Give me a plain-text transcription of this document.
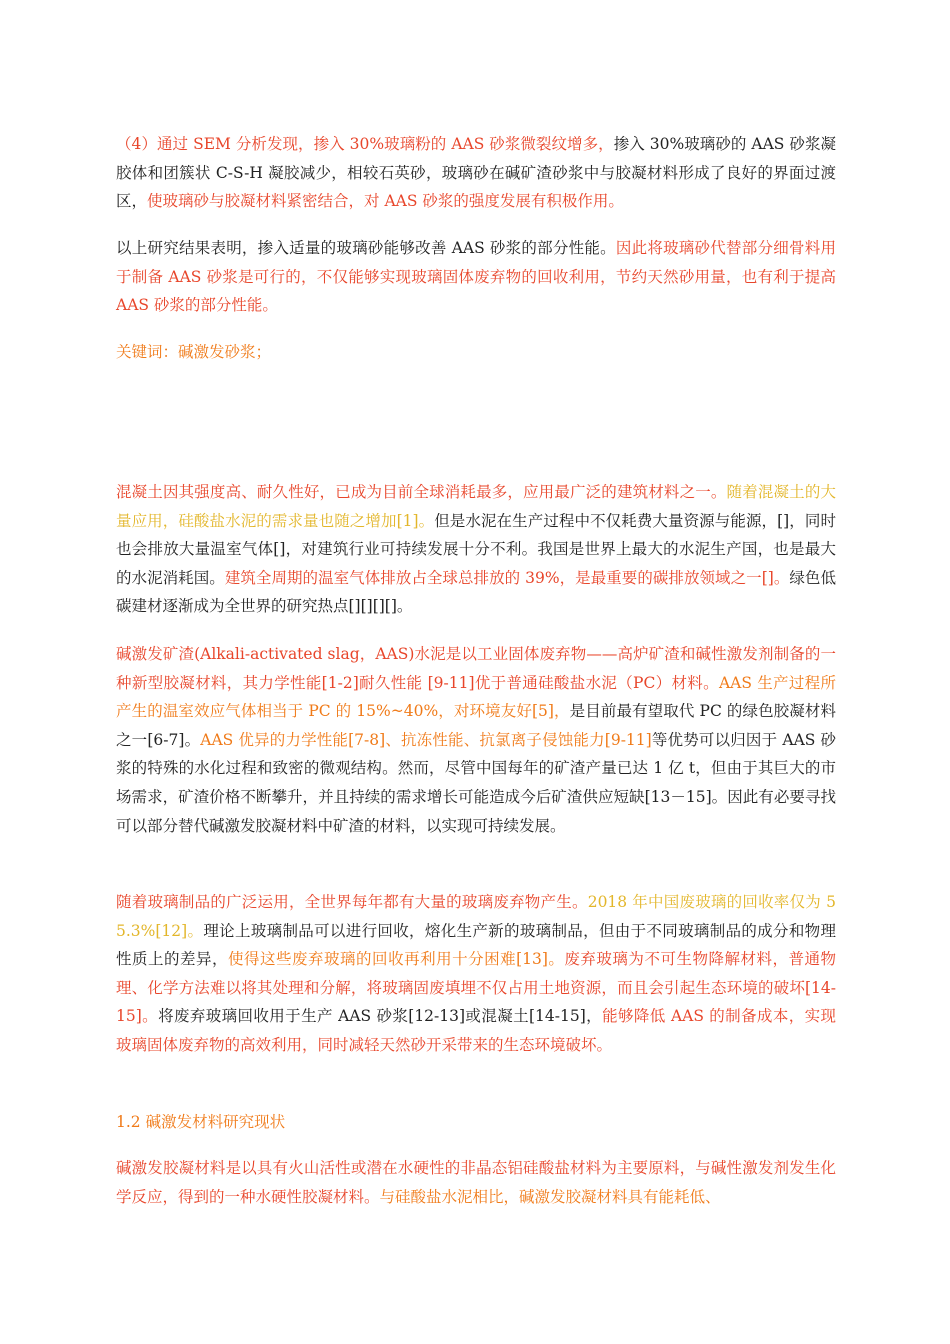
（4）通过 SEM 分析发现，掺入 30%玻璃粉的 AAS 砂浆微裂纹增多，掺入 30%玻璃砂的 AAS 砂浆凝胶体和团簇状 C-S-H 凝胶减少，相较石英砂，玻璃砂在碱矿渣砂浆中与胶凝材料形成了良好的界面过渡区，使玻璃砂与胶凝材料紧密结合，对 AAS 砂浆的强度发展有积极作用。

以上研究结果表明，掺入适量的玻璃砂能够改善 AAS 砂浆的部分性能。因此将玻璃砂代替部分细骨料用于制备 AAS 砂浆是可行的，不仅能够实现玻璃固体废弃物的回收利用，节约天然砂用量，也有利于提高 AAS 砂浆的部分性能。

关键词：碱激发砂浆；

混凝土因其强度高、耐久性好，已成为目前全球消耗最多，应用最广泛的建筑材料之一。随着混凝土的大量应用，硅酸盐水泥的需求量也随之增加[1]。但是水泥在生产过程中不仅耗费大量资源与能源，[]，同时也会排放大量温室气体[]，对建筑行业可持续发展十分不利。我国是世界上最大的水泥生产国，也是最大的水泥消耗国。建筑全周期的温室气体排放占全球总排放的 39%，是最重要的碳排放领域之一[]。绿色低碳建材逐渐成为全世界的研究热点[][][][]。

碱激发矿渣(Alkali-activated slag，AAS)水泥是以工业固体废弃物——高炉矿渣和碱性激发剂制备的一种新型胶凝材料，其力学性能[1-2]耐久性能 [9-11]优于普通硅酸盐水泥（PC）材料。AAS 生产过程所产生的温室效应气体相当于 PC 的 15%~40%，对环境友好[5]，是目前最有望取代 PC 的绿色胶凝材料之一[6-7]。AAS 优异的力学性能[7-8]、抗冻性能、抗氯离子侵蚀能力[9-11]等优势可以归因于 AAS 砂浆的特殊的水化过程和致密的微观结构。然而，尽管中国每年的矿渣产量已达 1 亿 t，但由于其巨大的市场需求，矿渣价格不断攀升，并且持续的需求增长可能造成今后矿渣供应短缺[13－15]。因此有必要寻找可以部分替代碱激发胶凝材料中矿渣的材料，以实现可持续发展。

随着玻璃制品的广泛运用，全世界每年都有大量的玻璃废弃物产生。2018 年中国废玻璃的回收率仅为 55.3%[12]。理论上玻璃制品可以进行回收，熔化生产新的玻璃制品，但由于不同玻璃制品的成分和物理性质上的差异，使得这些废弃玻璃的回收再利用十分困难[13]。废弃玻璃为不可生物降解材料，普通物理、化学方法难以将其处理和分解，将玻璃固废填埋不仅占用土地资源，而且会引起生态环境的破坏[14-15]。将废弃玻璃回收用于生产 AAS 砂浆[12-13]或混凝土[14-15]，能够降低 AAS 的制备成本，实现玻璃固体废弃物的高效利用，同时减轻天然砂开采带来的生态环境破坏。

1.2 碱激发材料研究现状

碱激发胶凝材料是以具有火山活性或潜在水硬性的非晶态铝硅酸盐材料为主要原料，与碱性激发剂发生化学反应，得到的一种水硬性胶凝材料。与硅酸盐水泥相比，碱激发胶凝材料具有能耗低、
